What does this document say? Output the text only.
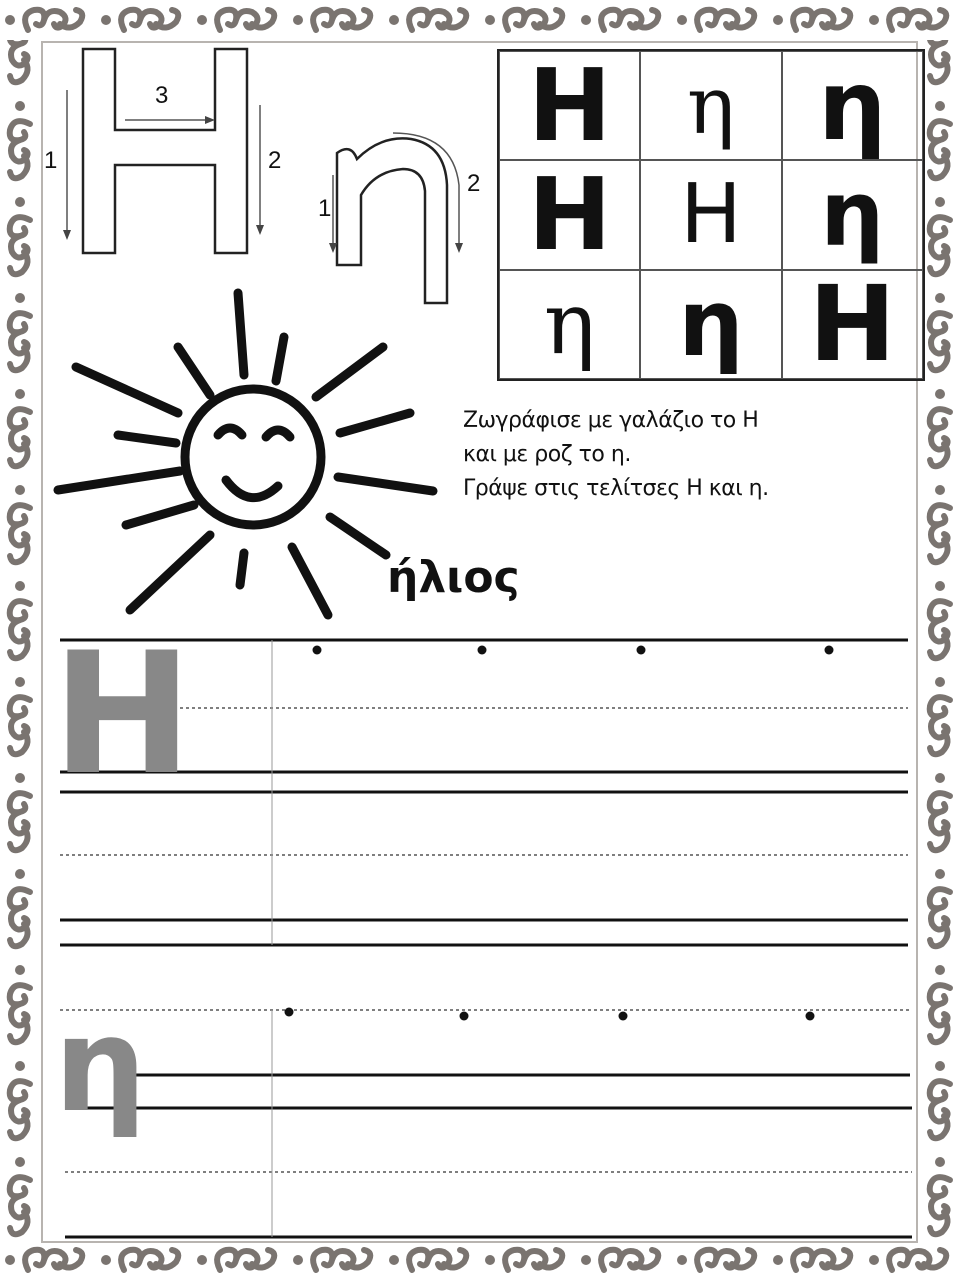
1	2
3
1
2
Η η η
Η Η η
η η Η
ήλιος
Ζωγράφισε με γαλάζιο το Η
και με ροζ το η.
Γράψε στις τελίτσες Η και η.
Η
η
